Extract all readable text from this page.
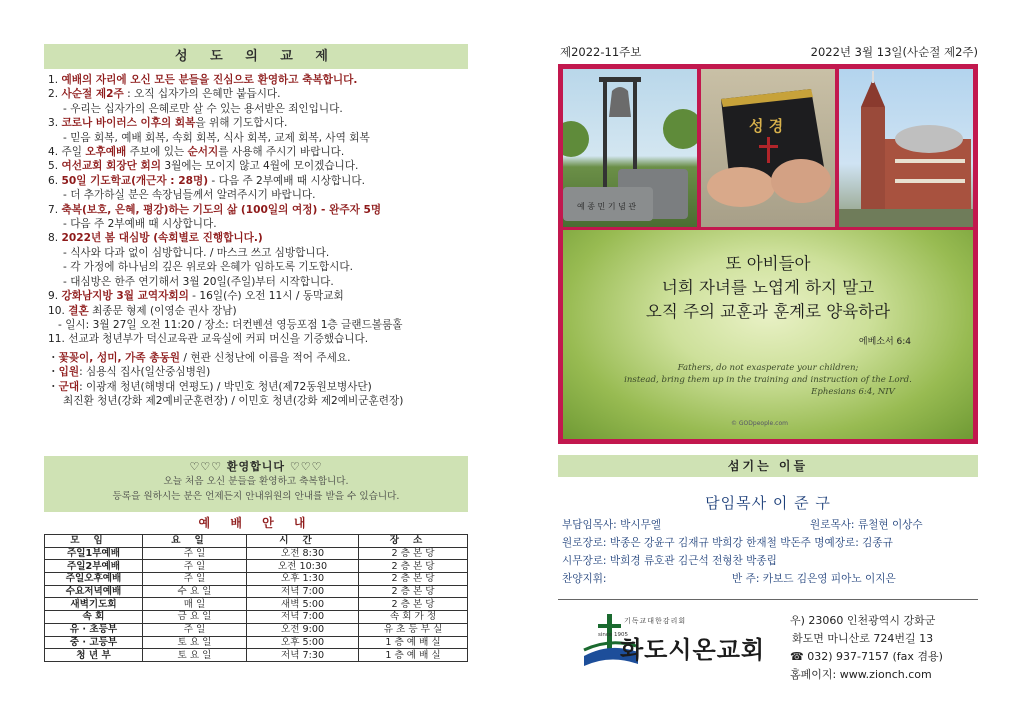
성 도 의 교 제
1. 예배의 자리에 오신 모든 분들을 진심으로 환영하고 축복합니다.
2. 사순절 제2주 : 오직 십자가의 은혜만 붙듭시다.
- 우리는 십자가의 은혜로만 살 수 있는 용서받은 죄인입니다.
3. 코로나 바이러스 이후의 회복을 위해 기도합시다.
- 믿음 회복, 예배 회복, 속회 회복, 식사 회복, 교제 회복, 사역 회복
4. 주일 오후예배 주보에 있는 순서지를 사용해 주시기 바랍니다.
5. 여선교회 회장단 회의 3월에는 모이지 않고 4월에 모이겠습니다.
6. 50일 기도학교(개근자 : 28명) - 다음 주 2부예배 때 시상합니다.
- 더 추가하실 분은 속장님들께서 알려주시기 바랍니다.
7. 축복(보호, 은혜, 평강)하는 기도의 삶 (100일의 여정) - 완주자 5명
- 다음 주 2부예배 때 시상합니다.
8. 2022년 봄 대심방 (속회별로 진행합니다.)
- 식사와 다과 없이 심방합니다. / 마스크 쓰고 심방합니다.
- 각 가정에 하나님의 깊은 위로와 은혜가 임하도록 기도합시다.
- 대심방은 한주 연기해서 3월 20일(주일)부터 시작합니다.
9. 강화남지방 3월 교역자회의 - 16일(수) 오전 11시 / 동막교회
10. 결혼 최종문 형제 (이영순 권사 장남)
- 일시: 3월 27일 오전 11:20 / 장소: 더컨벤션 영등포점 1층 글랜드볼룸홀
11. 선교과 청년부가 덕신교육관 교육실에 커피 머신을 기증했습니다.
・꽃꽂이, 성미, 가족 총동원 / 현관 신청난에 이름을 적어 주세요.
・입원: 심용식 집사(일산중심병원)
・군대: 이광재 청년(해병대 연평도) / 박민호 청년(제72동원보병사단)
최진환 청년(강화 제2예비군훈련장) / 이민호 청년(강화 제2예비군훈련장)
♡♡♡ 환영합니다 ♡♡♡
오늘 처음 오신 분들을 환영하고 축복합니다.
등록을 원하시는 분은 언제든지 안내위원의 안내를 받을 수 있습니다.
예 배 안 내
모임	요일	시간	장소
주일1부예배	주 일	오전 8:30	2 층 본 당
주일2부예배	주 일	오전 10:30	2 층 본 당
주일오후예배	주 일	오후 1:30	2 층 본 당
수요저녁예배	수 요 일	저녁 7:00	2 층 본 당
새벽기도회	매 일	새벽 5:00	2 층 본 당
속 회	금 요 일	저녁 7:00	속 회 가 정
유 · 초등부	주 일	오전 9:00	유 초 등 부 실
중 · 고등부	토 요 일	오후 5:00	1 층 예 배 실
청 년 부	토 요 일	저녁 7:30	1 층 예 배 실
제2022-11주보	2022년 3월 13일(사순절 제2주)
예 종 민 기 념 관
성 경
또 아비들아
너희 자녀를 노엽게 하지 말고
오직 주의 교훈과 훈계로 양육하라
에베소서 6:4
Fathers, do not exasperate your children;
instead, bring them up in the training and instruction of the Lord.
Ephesians 6:4, NIV
© GODpeople.com
섬기는 이들
담임목사 이 준 구
부담임목사: 박시무엘	원로목사: 류철현 이상수
원로장로: 박종은 강윤구 김재규 박희강 한재철 박돈주 명예장로: 김종규
시무장로: 박희경 류호관 김근석 전형찬 박종립
찬양지휘:	반 주: 카보드 김은영 피아노 이지은
since 1905
기독교대한감리회
화도시온교회
우) 23060 인천광역시 강화군
화도면 마니산로 724번길 13
☎ 032) 937-7157 (fax 겸용)
홈페이지: www.zionch.com
